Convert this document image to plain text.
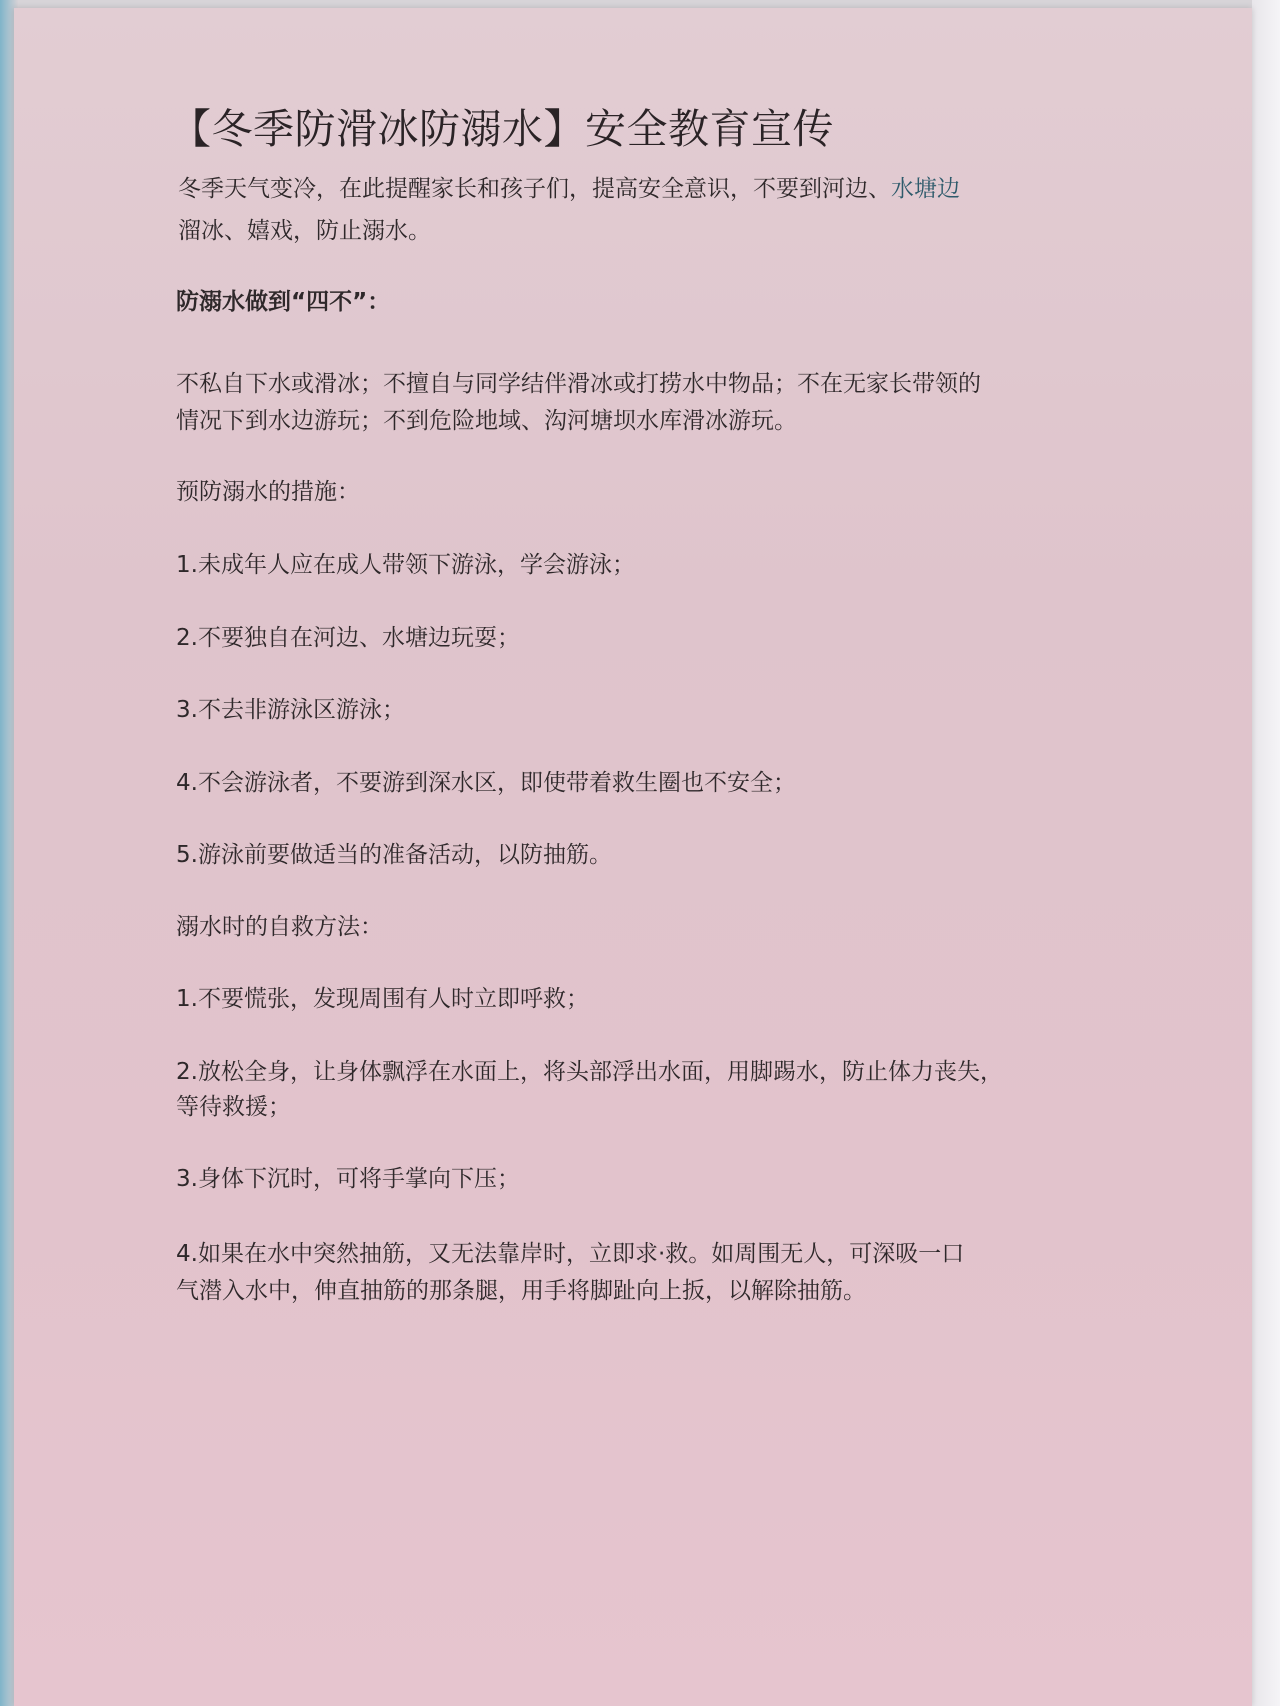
【冬季防滑冰防溺水】安全教育宣传
冬季天气变冷，在此提醒家长和孩子们，提高安全意识，不要到河边、水塘边
溜冰、嬉戏，防止溺水。
防溺水做到“四不”：
不私自下水或滑冰；不擅自与同学结伴滑冰或打捞水中物品；不在无家长带领的
情况下到水边游玩；不到危险地域、沟河塘坝水库滑冰游玩。
预防溺水的措施：
1.未成年人应在成人带领下游泳，学会游泳；
2.不要独自在河边、水塘边玩耍；
3.不去非游泳区游泳；
4.不会游泳者，不要游到深水区，即使带着救生圈也不安全；
5.游泳前要做适当的准备活动，以防抽筋。
溺水时的自救方法：
1.不要慌张，发现周围有人时立即呼救；
2.放松全身，让身体飘浮在水面上，将头部浮出水面，用脚踢水，防止体力丧失，
等待救援；
3.身体下沉时，可将手掌向下压；
4.如果在水中突然抽筋，又无法靠岸时，立即求·救。如周围无人，可深吸一口
气潜入水中，伸直抽筋的那条腿，用手将脚趾向上扳，以解除抽筋。
